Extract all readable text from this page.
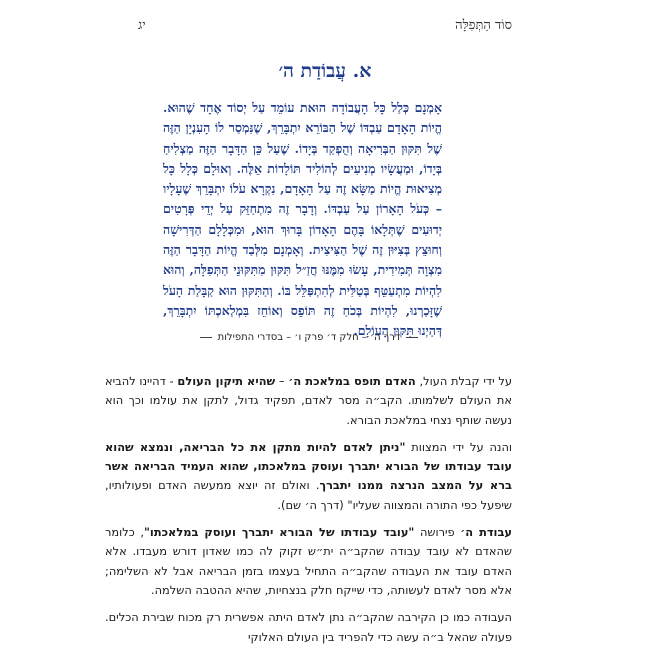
סוֹד הַתְּפִלָּה
יג
א. עֲבוֹדַת ה׳
אָמְנָם כְּלַל כָּל הָעֲבוֹדָה הוּאת עוֹמֵד עַל יְסוֹד אֶחָד שֶׁהוּא. הֱיוֹת הָאָדָם עַבְדּוֹ שֶׁל הַבּוֹרֵא יִתְבָּרֵךְ, שֶׁנִּמְסַר לוֹ הָעִנְיָן הַזֶּה שֶׁל תִּקּוּן הַבְּרִיאָה וְהֻפְקַד בְּיָדוֹ. שֶׁעַל כֵּן הַדָּבָר הַזֶּה מַצְלִיחַ בְּיָדוֹ, וּמַעֲשָׂיו מְנִיעִים לְהוֹלִיד תּוֹלָדוֹת אֵלֶּה. וְאוּלָם כְּלָל כָּל מְצִיאוּת הֱיוֹת מַשָּׂא זֶה עַל הָאָדָם, נִקְרָא עֹלוֹ יִתְבָּרֵךְ שֶׁעָלָיו – כְּעֹל הָאָרוֹן עַל עַבְדּוֹ. וְדָבָר זֶה מִתְחַזֵּק עַל יְדֵי פְּרָטִים יְדוּעִים שֶׁתְּלָאוֹ בָּהֶם הָאָדוֹן בָּרוּךְ הוּא, וּמִכְּלָלָם הַדְּרִישָׁה וְחוּצֵץ בְּצִיּוּן זֶה שֶׁל הַצִּיצִית. וְאָמְנָם מִלְּבַד הֱיוֹת הַדָּבָר הַזֶּה מִצְוָה תְּמִידִית, עָשׂוּ מִמֶּנּוּ חֲזַ״ל תִּקּוּן מִתִּקּוּנֵי הַתְּפִלָּה, וְהוּא לִהְיוֹת מִתְעַטֵּף בְּטַלִּית לְהִתְפַּלֵּל בּוֹ. וְהַתִּקּוּן הוּא קַבָּלַת הָעֹל שֶׁזָּכַרְנוּ, לִהְיוֹת בְּכֹחַ זֶה תּוֹפֵס וְאוֹחֵז בִּמְלַאכְתּוֹ יִתְבָּרֵךְ, דְּהַיְנוּ תִּקּוּן הָעוֹלָם.
דרך ה׳ – חלק ד׳ פרק ו׳ – בסדרי התפילות

על ידי קבלת העול, האדם תופס במלאכת ה׳ – שהיא תיקון העולם - דהיינו להביא את העולם לשלמותו. הקב״ה מסר לאדם, תפקיד גדול, לתקן את עולמו וכך הוא נעשה שותף נצחי במלאכת הבורא.

והנה על ידי המצוות "ניתן לאדם להיות מתקן את כל הבריאה, ונמצא שהוא עובד עבודתו של הבורא יתברך ועוסק במלאכתו, שהוא העמיד הבריאה אשר ברא על המצב הנרצה ממנו יתברך. ואולם זה יוצא ממעשה האדם ופעולותיו, שיפעל כפי התורה והמצווה שעליו" (דרך ה׳ שם).

עבודת ה׳ פירושה "עובד עבודתו של הבורא יתברך ועוסק במלאכתו", כלומר שהאדם לא עובד עבודה שהקב״ה ית״ש זקוק לה כמו שאדון דורש מעבדו. אלא האדם עובד את העבודה שהקב״ה התחיל בעצמו בזמן הבריאה אבל לא השלימה; אלא מסר לאדם לעשותה, כדי שייקח חלק בנצחיות, שהיא ההטבה השלמה.

העבודה כמו כן הקירבה שהקב״ה נתן לאדם היתה אפשרית רק מכוח שבירת הכלים. פעולה שהאל ב״ה עשה כדי להפריד בין העולם האלוקי
